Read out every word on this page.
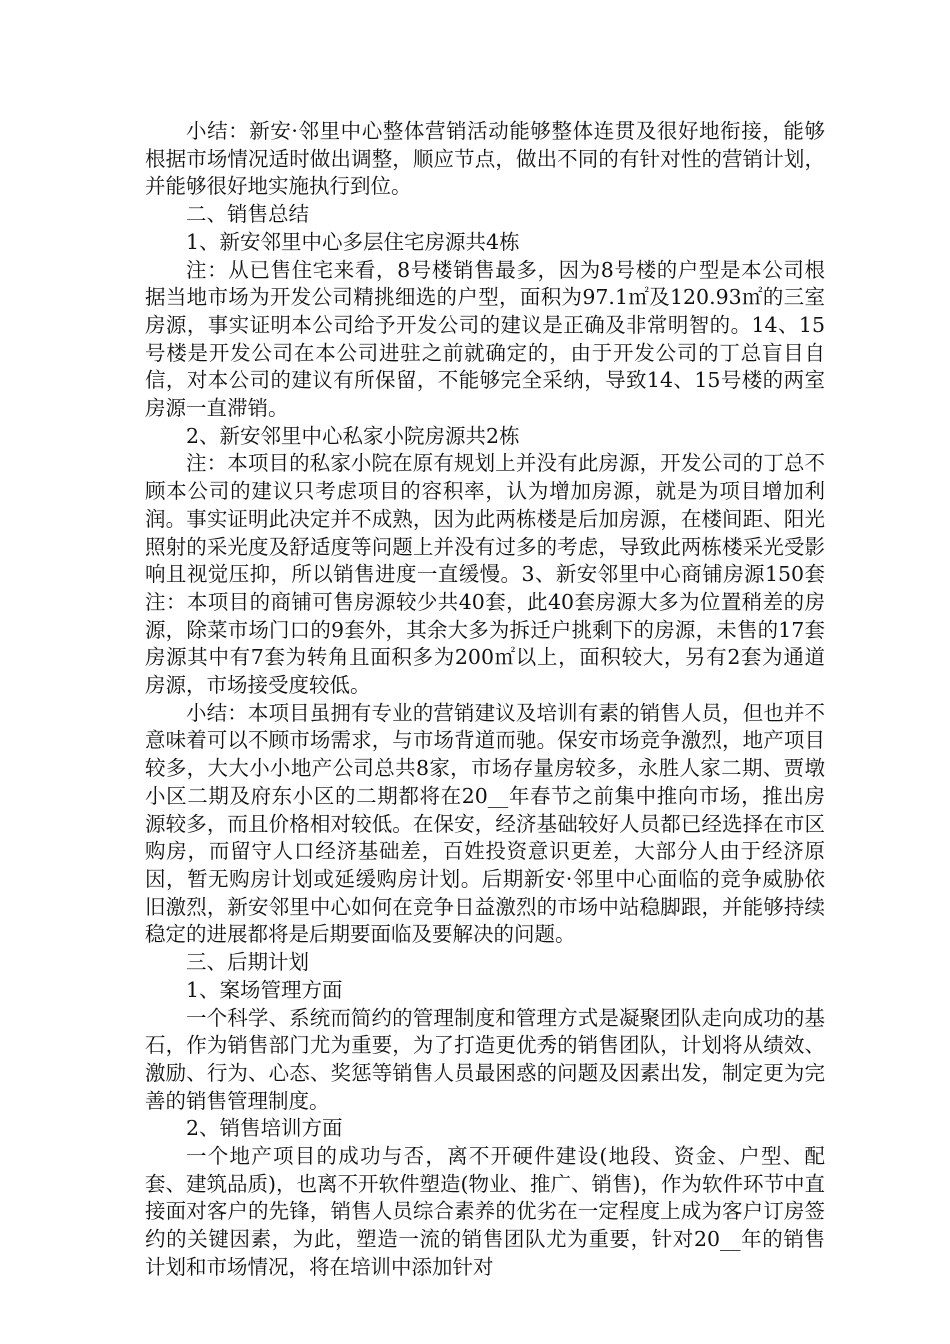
小结：新安·邻里中心整体营销活动能够整体连贯及很好地衔接，能够根据市场情况适时做出调整，顺应节点，做出不同的有针对性的营销计划，并能够很好地实施执行到位。

二、销售总结

1、新安邻里中心多层住宅房源共4栋

注：从已售住宅来看，8号楼销售最多，因为8号楼的户型是本公司根据当地市场为开发公司精挑细选的户型，面积为97.1㎡及120.93㎡的三室房源，事实证明本公司给予开发公司的建议是正确及非常明智的。14、15号楼是开发公司在本公司进驻之前就确定的，由于开发公司的丁总盲目自信，对本公司的建议有所保留，不能够完全采纳，导致14、15号楼的两室房源一直滞销。

2、新安邻里中心私家小院房源共2栋

注：本项目的私家小院在原有规划上并没有此房源，开发公司的丁总不顾本公司的建议只考虑项目的容积率，认为增加房源，就是为项目增加利润。事实证明此决定并不成熟，因为此两栋楼是后加房源，在楼间距、阳光照射的采光度及舒适度等问题上并没有过多的考虑，导致此两栋楼采光受影响且视觉压抑，所以销售进度一直缓慢。3、新安邻里中心商铺房源150套注：本项目的商铺可售房源较少共40套，此40套房源大多为位置稍差的房源，除菜市场门口的9套外，其余大多为拆迁户挑剩下的房源，未售的17套房源其中有7套为转角且面积多为200㎡以上，面积较大，另有2套为通道房源，市场接受度较低。

小结：本项目虽拥有专业的营销建议及培训有素的销售人员，但也并不意味着可以不顾市场需求，与市场背道而驰。保安市场竞争激烈，地产项目较多，大大小小地产公司总共8家，市场存量房较多，永胜人家二期、贾墩小区二期及府东小区的二期都将在20__年春节之前集中推向市场，推出房源较多，而且价格相对较低。在保安，经济基础较好人员都已经选择在市区购房，而留守人口经济基础差，百姓投资意识更差，大部分人由于经济原因，暂无购房计划或延缓购房计划。后期新安·邻里中心面临的竞争威胁依旧激烈，新安邻里中心如何在竞争日益激烈的市场中站稳脚跟，并能够持续稳定的进展都将是后期要面临及要解决的问题。

三、后期计划

1、案场管理方面

一个科学、系统而简约的管理制度和管理方式是凝聚团队走向成功的基石，作为销售部门尤为重要，为了打造更优秀的销售团队，计划将从绩效、激励、行为、心态、奖惩等销售人员最困惑的问题及因素出发，制定更为完善的销售管理制度。

2、销售培训方面

一个地产项目的成功与否，离不开硬件建设(地段、资金、户型、配套、建筑品质)，也离不开软件塑造(物业、推广、销售)，作为软件环节中直接面对客户的先锋，销售人员综合素养的优劣在一定程度上成为客户订房签约的关键因素，为此，塑造一流的销售团队尤为重要，针对20__年的销售计划和市场情况，将在培训中添加针对
